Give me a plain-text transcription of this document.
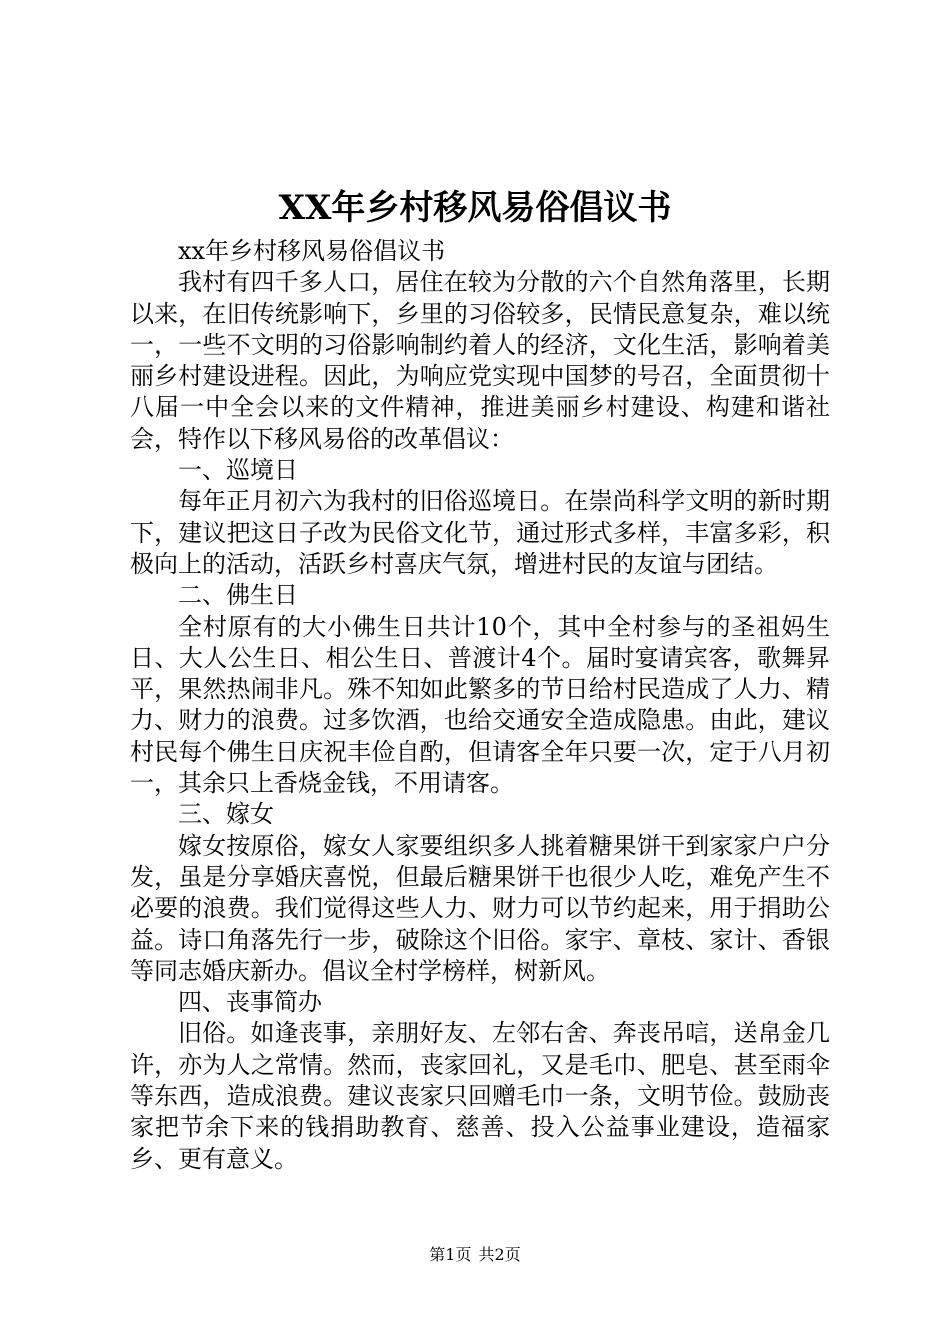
XX年乡村移风易俗倡议书

xx年乡村移风易俗倡议书

我村有四千多人口，居住在较为分散的六个自然角落里，长期以来，在旧传统影响下，乡里的习俗较多，民情民意复杂，难以统一，一些不文明的习俗影响制约着人的经济，文化生活，影响着美丽乡村建设进程。因此，为响应党实现中国梦的号召，全面贯彻十八届一中全会以来的文件精神，推进美丽乡村建设、构建和谐社会，特作以下移风易俗的改革倡议：

一、巡境日

每年正月初六为我村的旧俗巡境日。在崇尚科学文明的新时期下，建议把这日子改为民俗文化节，通过形式多样，丰富多彩，积极向上的活动，活跃乡村喜庆气氛，增进村民的友谊与团结。

二、佛生日

全村原有的大小佛生日共计10个，其中全村参与的圣祖妈生日、大人公生日、相公生日、普渡计4个。届时宴请宾客，歌舞昇平，果然热闹非凡。殊不知如此繁多的节日给村民造成了人力、精力、财力的浪费。过多饮酒，也给交通安全造成隐患。由此，建议村民每个佛生日庆祝丰俭自酌，但请客全年只要一次，定于八月初一，其余只上香烧金钱，不用请客。

三、嫁女

嫁女按原俗，嫁女人家要组织多人挑着糖果饼干到家家户户分发，虽是分享婚庆喜悦，但最后糖果饼干也很少人吃，难免产生不必要的浪费。我们觉得这些人力、财力可以节约起来，用于捐助公益。诗口角落先行一步，破除这个旧俗。家宇、章枝、家计、香银等同志婚庆新办。倡议全村学榜样，树新风。

四、丧事简办

旧俗。如逢丧事，亲朋好友、左邻右舍、奔丧吊唁，送帛金几许，亦为人之常情。然而，丧家回礼，又是毛巾、肥皂、甚至雨伞等东西，造成浪费。建议丧家只回赠毛巾一条，文明节俭。鼓励丧家把节余下来的钱捐助教育、慈善、投入公益事业建设，造福家乡、更有意义。

第1页 共2页
